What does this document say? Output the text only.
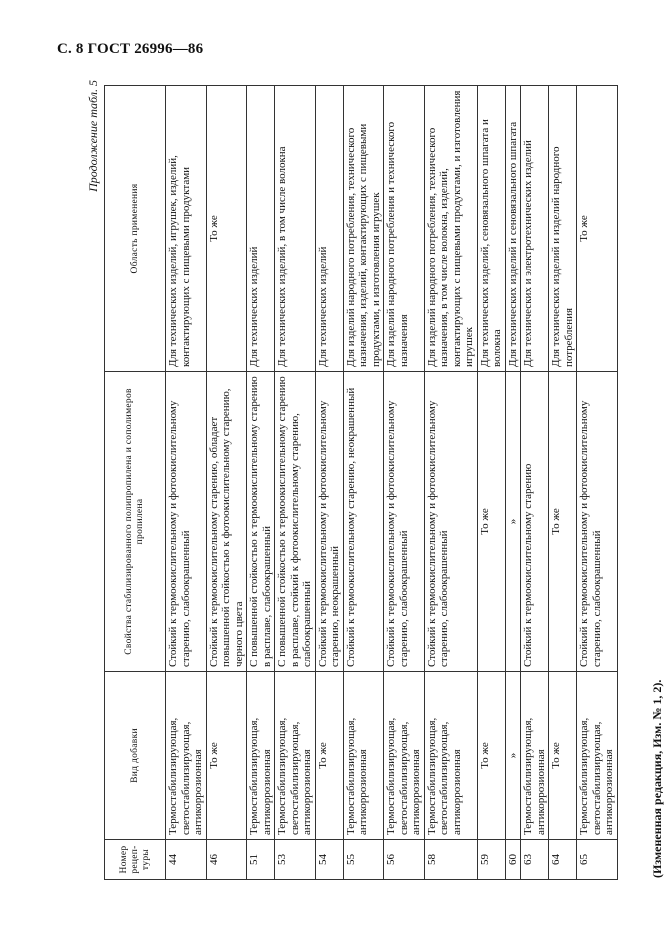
С. 8 ГОСТ 26996—86
Продолжение табл. 5
Номер рецеп-туры	Вид добавки	Свойства стабилизированного полипропилена и сополимеров пропилена	Область применения
44	Термостабилизирующая, светостабилизирующая, антикоррозионная	Стойкий к термоокислительному и фотоокислительному старению, слабоокрашенный	Для технических изделий, игрушек, изделий, контактирующих с пищевыми продуктами
46	То же	Стойкий к термоокислительному старению, обладает повышенной стойкостью к фотоокислительному старению, черного цвета	То же
51	Термостабилизирующая, антикоррозионная	С повышенной стойкостью к термоокислительному старению в расплаве, слабоокрашенный	Для технических изделий
53	Термостабилизирующая, светостабилизирующая, антикоррозионная	С повышенной стойкостью к термоокислительному старению в расплаве, стойкий к фотоокислительному старению, слабоокрашенный	Для технических изделий, в том числе волокна
54	То же	Стойкий к термоокислительному и фотоокислительному старению, неокрашенный	Для технических изделий
55	Термостабилизирующая, антикоррозионная	Стойкий к термоокислительному старению, неокрашенный	Для изделий народного потребления, технического назначения, изделий, контактирующих с пищевыми продуктами, и изготовления игрушек
56	Термостабилизирующая, светостабилизирующая, антикоррозионная	Стойкий к термоокислительному и фотоокислительному старению, слабоокрашенный	Для изделий народного потребления и технического назначения
58	Термостабилизирующая, светостабилизирующая, антикоррозионная	Стойкий к термоокислительному и фотоокислительному старению, слабоокрашенный	Для изделий народного потребления, технического назначения, в том числе волокна, изделий, контактирующих с пищевыми продуктами, и изготовления игрушек
59	То же	То же	Для технических изделий, сеновязального шпагата и волокна
60	»	»	Для технических изделий и сеновязального шпагата
63	Термостабилизирующая, антикоррозионная	Стойкий к термоокислительному старению	Для технических и электротехнических изделий
64	То же	То же	Для технических изделий и изделий народного потребления
65	Термостабилизирующая, светостабилизирующая, антикоррозионная	Стойкий к термоокислительному и фотоокислительному старению, слабоокрашенный	То же
(Измененная редакция, Изм. № 1, 2).
